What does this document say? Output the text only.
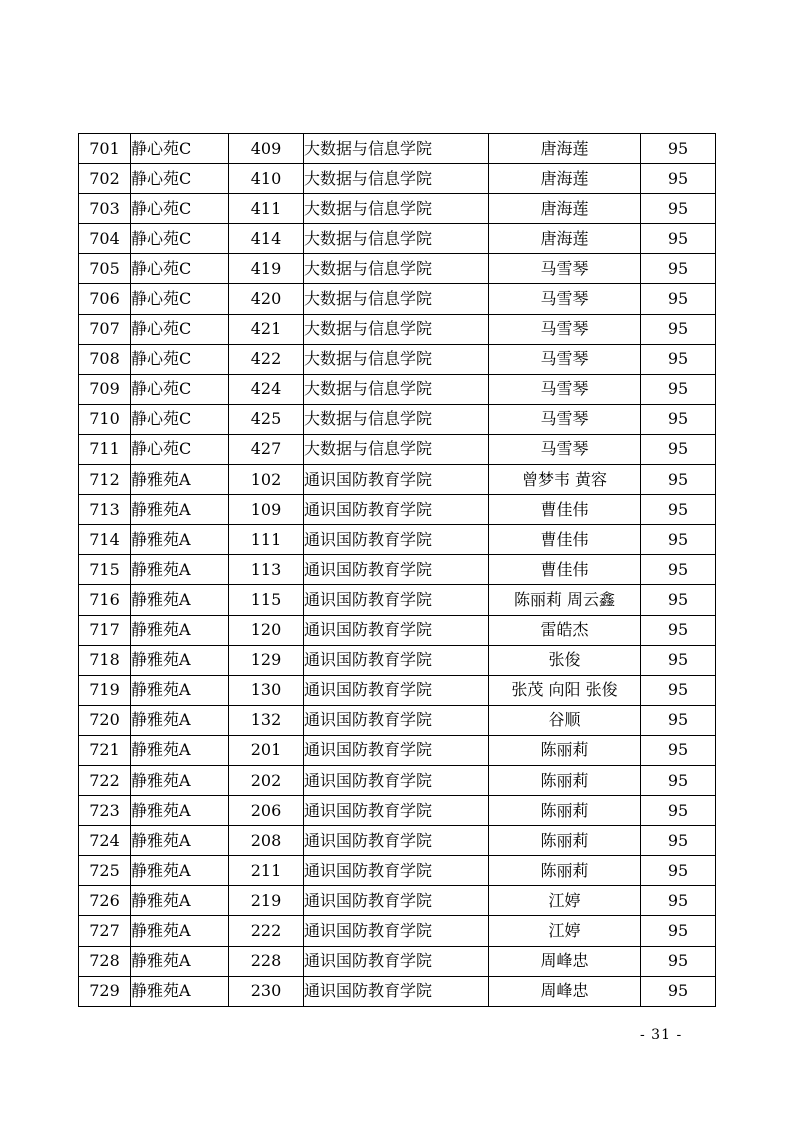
701	静心苑C	409	大数据与信息学院	唐海莲	95
702	静心苑C	410	大数据与信息学院	唐海莲	95
703	静心苑C	411	大数据与信息学院	唐海莲	95
704	静心苑C	414	大数据与信息学院	唐海莲	95
705	静心苑C	419	大数据与信息学院	马雪琴	95
706	静心苑C	420	大数据与信息学院	马雪琴	95
707	静心苑C	421	大数据与信息学院	马雪琴	95
708	静心苑C	422	大数据与信息学院	马雪琴	95
709	静心苑C	424	大数据与信息学院	马雪琴	95
710	静心苑C	425	大数据与信息学院	马雪琴	95
711	静心苑C	427	大数据与信息学院	马雪琴	95
712	静雅苑A	102	通识国防教育学院	曾梦韦 黄容	95
713	静雅苑A	109	通识国防教育学院	曹佳伟	95
714	静雅苑A	111	通识国防教育学院	曹佳伟	95
715	静雅苑A	113	通识国防教育学院	曹佳伟	95
716	静雅苑A	115	通识国防教育学院	陈丽莉 周云鑫	95
717	静雅苑A	120	通识国防教育学院	雷皓杰	95
718	静雅苑A	129	通识国防教育学院	张俊	95
719	静雅苑A	130	通识国防教育学院	张茂 向阳 张俊	95
720	静雅苑A	132	通识国防教育学院	谷顺	95
721	静雅苑A	201	通识国防教育学院	陈丽莉	95
722	静雅苑A	202	通识国防教育学院	陈丽莉	95
723	静雅苑A	206	通识国防教育学院	陈丽莉	95
724	静雅苑A	208	通识国防教育学院	陈丽莉	95
725	静雅苑A	211	通识国防教育学院	陈丽莉	95
726	静雅苑A	219	通识国防教育学院	江婷	95
727	静雅苑A	222	通识国防教育学院	江婷	95
728	静雅苑A	228	通识国防教育学院	周峰忠	95
729	静雅苑A	230	通识国防教育学院	周峰忠	95
- 31 -
